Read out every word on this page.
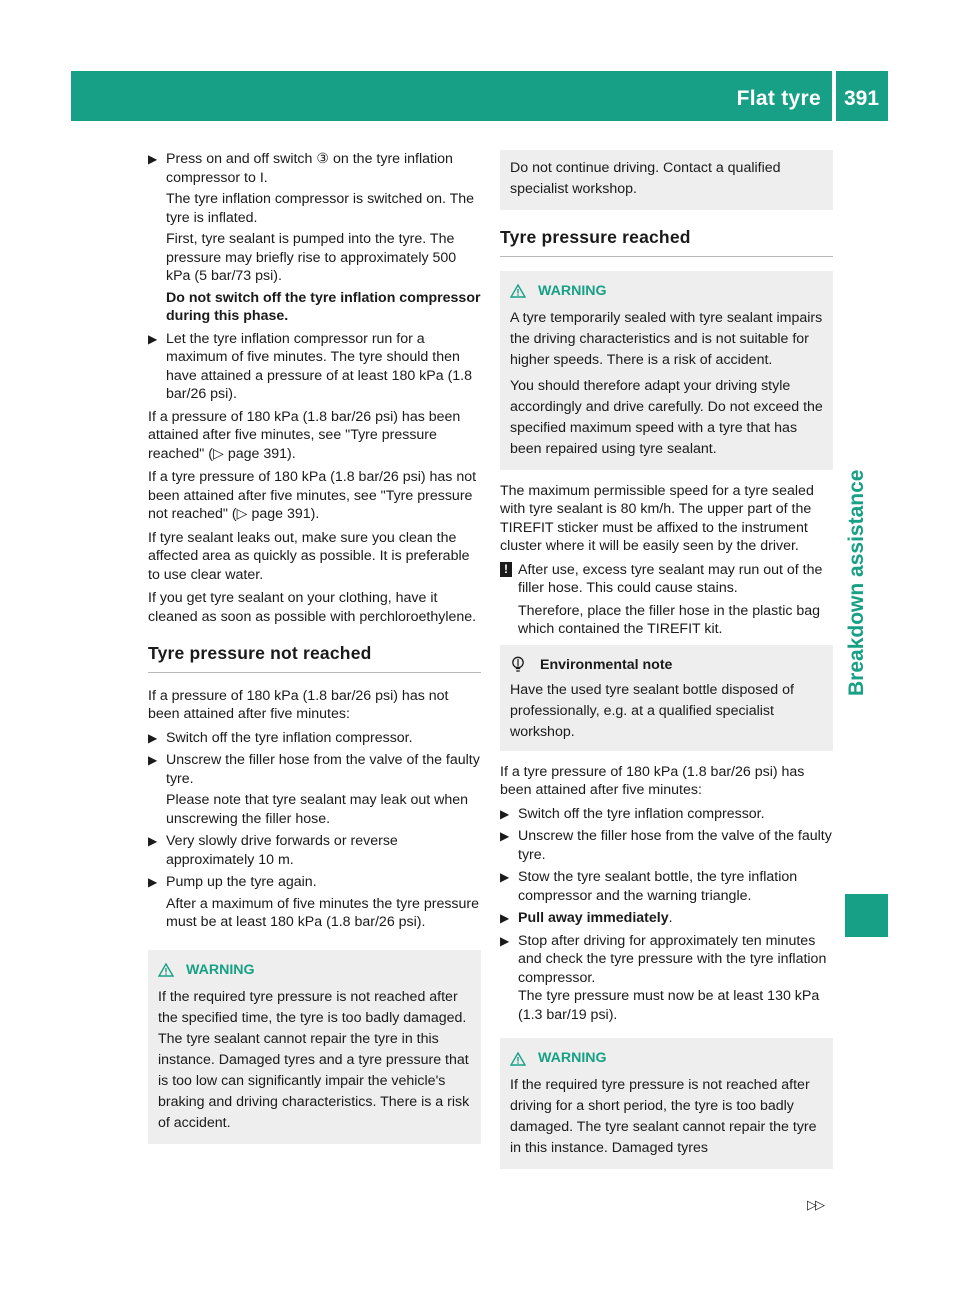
Flat tyre 391
Breakdown assistance
▶ Press on and off switch ③ on the tyre inflation compressor to I.
The tyre inflation compressor is switched on. The tyre is inflated.
First, tyre sealant is pumped into the tyre. The pressure may briefly rise to approximately 500 kPa (5 bar/73 psi).
Do not switch off the tyre inflation compressor during this phase.
▶ Let the tyre inflation compressor run for a maximum of five minutes. The tyre should then have attained a pressure of at least 180 kPa (1.8 bar/26 psi).

If a pressure of 180 kPa (1.8 bar/26 psi) has been attained after five minutes, see "Tyre pressure reached" (▷ page 391).

If a tyre pressure of 180 kPa (1.8 bar/26 psi) has not been attained after five minutes, see "Tyre pressure not reached" (▷ page 391).

If tyre sealant leaks out, make sure you clean the affected area as quickly as possible. It is preferable to use clear water.

If you get tyre sealant on your clothing, have it cleaned as soon as possible with perchloroethylene.

Tyre pressure not reached

If a pressure of 180 kPa (1.8 bar/26 psi) has not been attained after five minutes:

▶ Switch off the tyre inflation compressor.
▶ Unscrew the filler hose from the valve of the faulty tyre.
Please note that tyre sealant may leak out when unscrewing the filler hose.
▶ Very slowly drive forwards or reverse approximately 10 m.
▶ Pump up the tyre again.
After a maximum of five minutes the tyre pressure must be at least 180 kPa (1.8 bar/26 psi).
WARNING
If the required tyre pressure is not reached after the specified time, the tyre is too badly damaged. The tyre sealant cannot repair the tyre in this instance. Damaged tyres and a tyre pressure that is too low can significantly impair the vehicle's braking and driving characteristics. There is a risk of accident.
Do not continue driving. Contact a qualified specialist workshop.
Tyre pressure reached
WARNING
A tyre temporarily sealed with tyre sealant impairs the driving characteristics and is not suitable for higher speeds. There is a risk of accident.
You should therefore adapt your driving style accordingly and drive carefully. Do not exceed the specified maximum speed with a tyre that has been repaired using tyre sealant.

The maximum permissible speed for a tyre sealed with tyre sealant is 80 km/h. The upper part of the TIREFIT sticker must be affixed to the instrument cluster where it will be easily seen by the driver.

! After use, excess tyre sealant may run out of the filler hose. This could cause stains.
Therefore, place the filler hose in the plastic bag which contained the TIREFIT kit.
Environmental note
Have the used tyre sealant bottle disposed of professionally, e.g. at a qualified specialist workshop.

If a tyre pressure of 180 kPa (1.8 bar/26 psi) has been attained after five minutes:

▶ Switch off the tyre inflation compressor.
▶ Unscrew the filler hose from the valve of the faulty tyre.
▶ Stow the tyre sealant bottle, the tyre inflation compressor and the warning triangle.
▶ Pull away immediately.
▶ Stop after driving for approximately ten minutes and check the tyre pressure with the tyre inflation compressor.
The tyre pressure must now be at least 130 kPa (1.3 bar/19 psi).
WARNING
If the required tyre pressure is not reached after driving for a short period, the tyre is too badly damaged. The tyre sealant cannot repair the tyre in this instance. Damaged tyres
▷▷
